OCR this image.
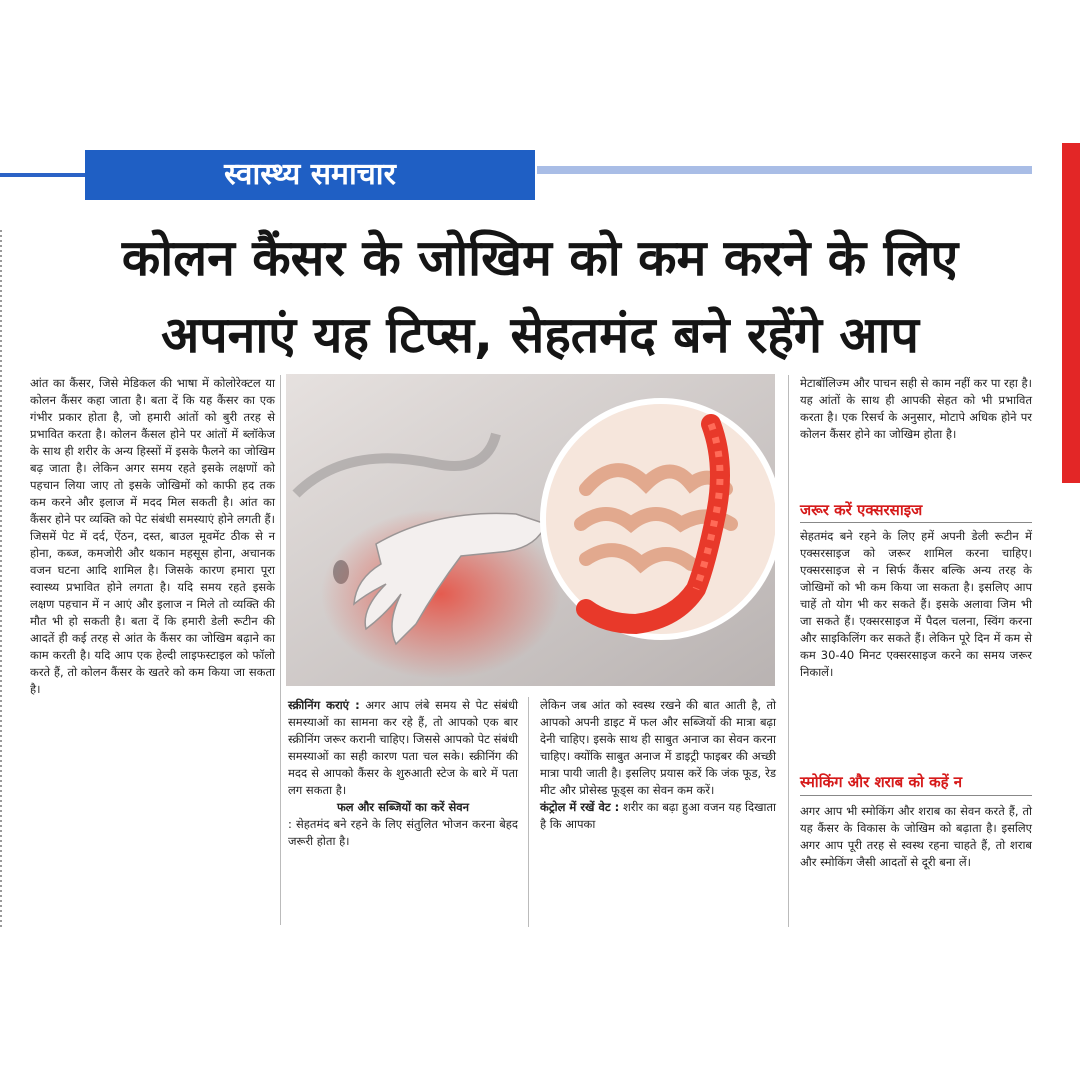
स्वास्थ्य समाचार
कोलन कैंसर के जोखिम को कम करने के लिए
अपनाएं यह टिप्स, सेहतमंद बने रहेंगे आप

आंत का कैंसर, जिसे मेडिकल की भाषा में कोलोरेक्टल या कोलन कैंसर कहा जाता है। बता दें कि यह कैंसर का एक गंभीर प्रकार होता है, जो हमारी आंतों को बुरी तरह से प्रभावित करता है। कोलन कैंसल होने पर आंतों में ब्लॉकेज के साथ ही शरीर के अन्य हिस्सों में इसके फैलने का जोखिम बढ़ जाता है। लेकिन अगर समय रहते इसके लक्षणों को पहचान लिया जाए तो इसके जोखिमों को काफी हद तक कम करने और इलाज में मदद मिल सकती है। आंत का कैंसर होने पर व्यक्ति को पेट संबंधी समस्याएं होने लगती हैं। जिसमें पेट में दर्द, ऐंठन, दस्त, बाउल मूवमेंट ठीक से न होना, कब्ज, कमजोरी और थकान महसूस होना, अचानक वजन घटना आदि शामिल है। जिसके कारण हमारा पूरा स्वास्थ्य प्रभावित होने लगता है। यदि समय रहते इसके लक्षण पहचान में न आएं और इलाज न मिले तो व्यक्ति की मौत भी हो सकती है। बता दें कि हमारी डेली रूटीन की आदतें ही कई तरह से आंत के कैंसर का जोखिम बढ़ाने का काम करती है। यदि आप एक हेल्दी लाइफस्टाइल को फॉलो करते हैं, तो कोलन कैंसर के खतरे को कम किया जा सकता है।

स्क्रीनिंग कराएं : अगर आप लंबे समय से पेट संबंधी समस्याओं का सामना कर रहे हैं, तो आपको एक बार स्क्रीनिंग जरूर करानी चाहिए। जिससे आपको पेट संबंधी समस्याओं का सही कारण पता चल सके। स्क्रीनिंग की मदद से आपको कैंसर के शुरुआती स्टेज के बारे में पता लग सकता है।

फल और सब्जियों का करें सेवन

: सेहतमंद बने रहने के लिए संतुलित भोजन करना बेहद जरूरी होता है।

लेकिन जब आंत को स्वस्थ रखने की बात आती है, तो आपको अपनी डाइट में फल और सब्जियों की मात्रा बढ़ा देनी चाहिए। इसके साथ ही साबुत अनाज का सेवन करना चाहिए। क्योंकि साबुत अनाज में डाइट्री फाइबर की अच्छी मात्रा पायी जाती है। इसलिए प्रयास करें कि जंक फूड, रेड मीट और प्रोसेस्ड फूड्स का सेवन कम करें।

कंट्रोल में रखें वेट : शरीर का बढ़ा हुआ वजन यह दिखाता है कि आपका

मेटाबॉलिज्म और पाचन सही से काम नहीं कर पा रहा है। यह आंतों के साथ ही आपकी सेहत को भी प्रभावित करता है। एक रिसर्च के अनुसार, मोटापे अधिक होने पर कोलन कैंसर होने का जोखिम होता है।

जरूर करें एक्सरसाइज

सेहतमंद बने रहने के लिए हमें अपनी डेली रूटीन में एक्सरसाइज को जरूर शामिल करना चाहिए। एक्सरसाइज से न सिर्फ कैंसर बल्कि अन्य तरह के जोखिमों को भी कम किया जा सकता है। इसलिए आप चाहें तो योग भी कर सकते हैं। इसके अलावा जिम भी जा सकते हैं। एक्सरसाइज में पैदल चलना, स्विंग करना और साइकिलिंग कर सकते हैं। लेकिन पूरे दिन में कम से कम 30-40 मिनट एक्सरसाइज करने का समय जरूर निकालें।

स्मोकिंग और शराब को कहें न

अगर आप भी स्मोकिंग और शराब का सेवन करते हैं, तो यह कैंसर के विकास के जोखिम को बढ़ाता है। इसलिए अगर आप पूरी तरह से स्वस्थ रहना चाहते हैं, तो शराब और स्मोकिंग जैसी आदतों से दूरी बना लें।
